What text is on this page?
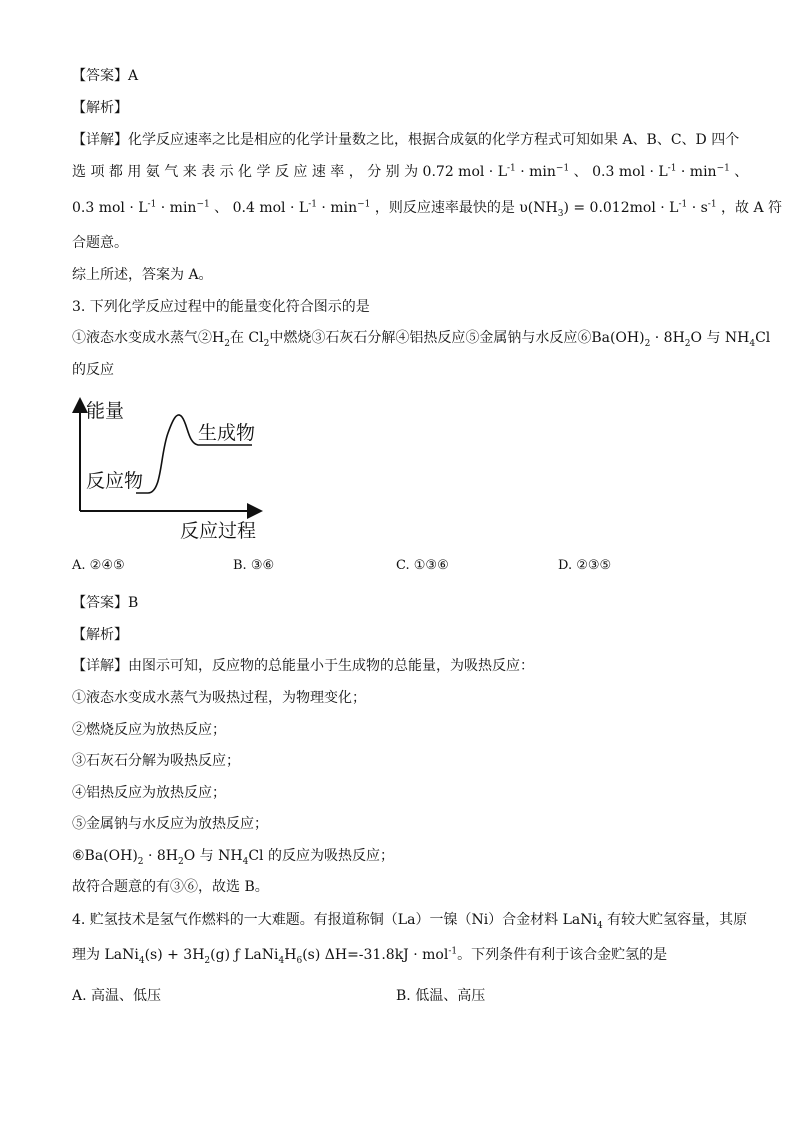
【答案】A
【解析】
【详解】化学反应速率之比是相应的化学计量数之比，根据合成氨的化学方程式可知如果 A、B、C、D 四个
选 项 都 用 氨 气 来 表 示 化 学 反 应 速 率 ， 分 别 为 0.72 mol · $L^{-1} \cdot \min^{-1}$ 、 0.3 mol · $L^{-1} \cdot \min^{-1}$ 、
0.3 mol · $L^{-1} \cdot \min^{-1}$ 、 0.4 mol · $L^{-1} \cdot \min^{-1}$ ，则反应速率最快的是 $\upsilon(NH_3) = 0.012mol \cdot L^{-1} \cdot s^{-1}$ ，故 A 符
合题意。
综上所述，答案为 A。
3. 下列化学反应过程中的能量变化符合图示的是
①液态水变成水蒸气$②H_2$在 $Cl_2$中燃烧③石灰石分解④铝热反应⑤金属钠与水反应$⑥Ba(OH)_2 \cdot 8H_2O$ 与 $NH_4Cl$
的反应
能量
生成物
反应物
反应过程
A. ②④⑤	B. ③⑥	C. ①③⑥	D. ②③⑤
【答案】B
【解析】
【详解】由图示可知，反应物的总能量小于生成物的总能量，为吸热反应：
①液态水变成水蒸气为吸热过程，为物理变化；
②燃烧反应为放热反应；
③石灰石分解为吸热反应；
④铝热反应为放热反应；
⑤金属钠与水反应为放热反应；
$⑥Ba(OH)_2 \cdot 8H_2O$ 与 $NH_4Cl$ 的反应为吸热反应；
故符合题意的有③⑥，故选 B。
4. 贮氢技术是氢气作燃料的一大难题。有报道称铜（La）一镍（Ni）合金材料 LaNi$_4$ 有较大贮氢容量，其原
理为 LaNi$_4$(s) + $3H_2(g)$ ƒ $LaNi_4H_6(s) \Delta H=-31.8kJ \cdot mol^{-1}$。下列条件有利于该合金贮氢的是
A. 高温、低压	B. 低温、高压
